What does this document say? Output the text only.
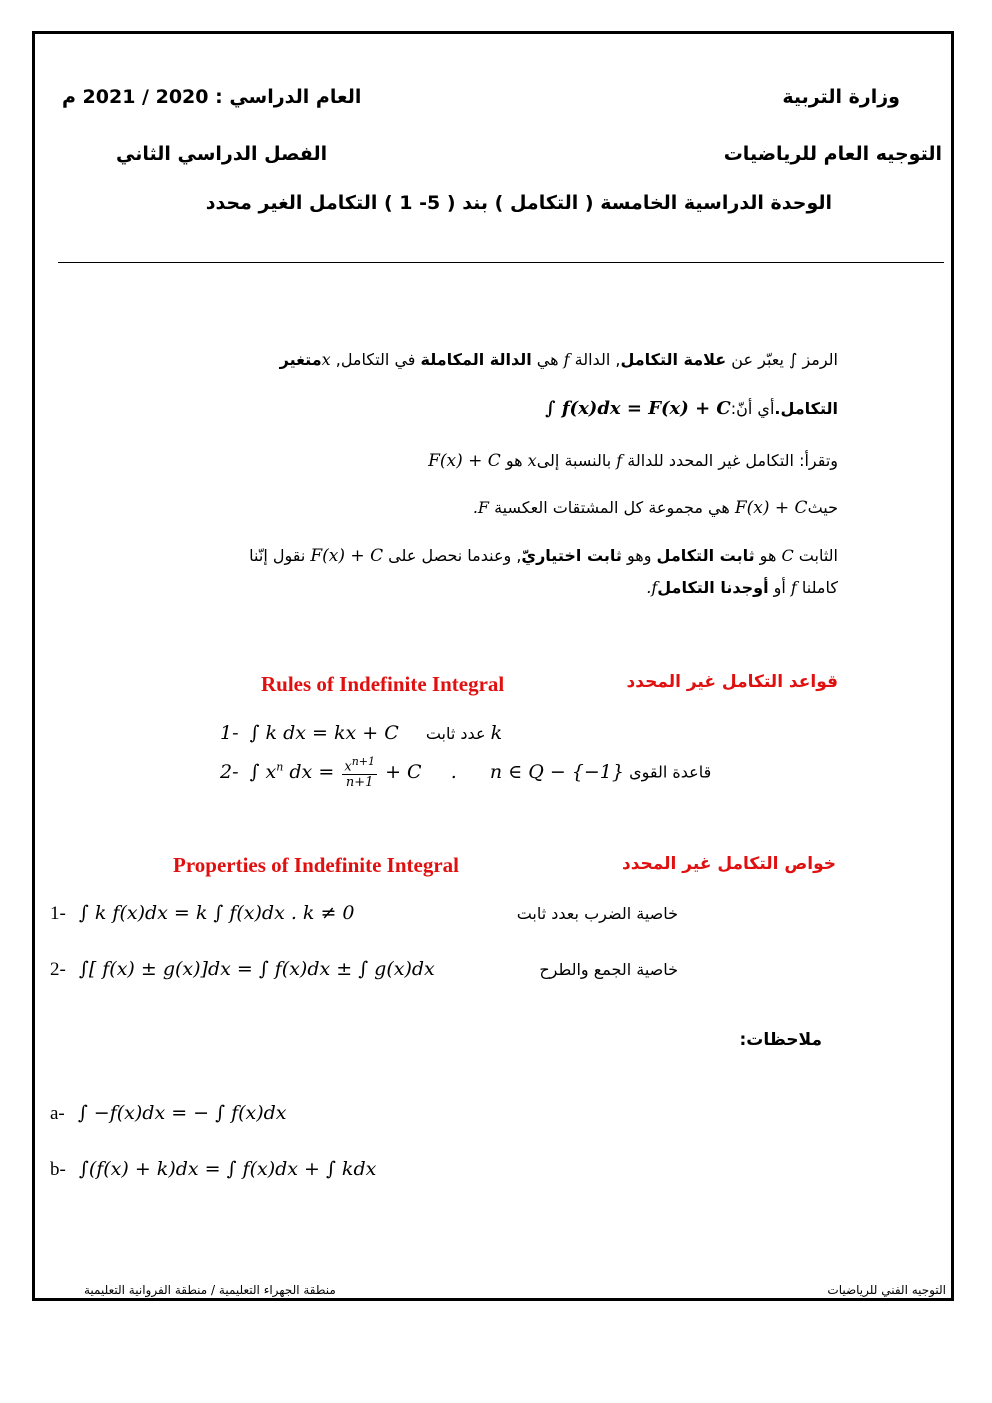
وزارة التربية
العام الدراسي : 2020 / 2021 م
التوجيه العام للرياضيات
الفصل الدراسي الثاني
الوحدة الدراسية الخامسة ( التكامل ) بند ( 5- 1 ) التكامل الغير محدد
الرمز ∫ يعبّر عن علامة التكامل, الدالة f هي الدالة المكاملة في التكامل, xمتغير
التكامل.أي أنّ:∫ f(x)dx = F(x) + C
وتقرأ: التكامل غير المحدد للدالة f بالنسبة إلىx هو F(x) + C
حيثF(x) + C هي مجموعة كل المشتقات العكسية F.
الثابت C هو ثابت التكامل وهو ثابت اختياريّ, وعندما نحصل على F(x) + C نقول إنّنا
كاملنا f أو أوجدنا التكاملf.
قواعد التكامل غير المحدد
Rules of Indefinite Integral
1- ∫ k dx = kx + C عدد ثابت k
2- ∫ $x^n$ dx = $\frac{x^{n+1}}{n+1} + C$ . n ∈ Q − {−1} قاعدة القوى
خواص التكامل غير المحدد
Properties of Indefinite Integral
1- ∫ k f(x)dx = k ∫ f(x)dx . k ≠ 0	خاصية الضرب بعدد ثابت
2- ∫[ f(x) ± g(x)]dx = ∫ f(x)dx ± ∫ g(x)dx	خاصية الجمع والطرح
ملاحظات:
a- ∫ −f(x)dx = − ∫ f(x)dx
b- ∫(f(x) + k)dx = ∫ f(x)dx + ∫ kdx
التوجيه الفني للرياضيات
منطقة الجهراء التعليمية / منطقة الفروانية التعليمية
